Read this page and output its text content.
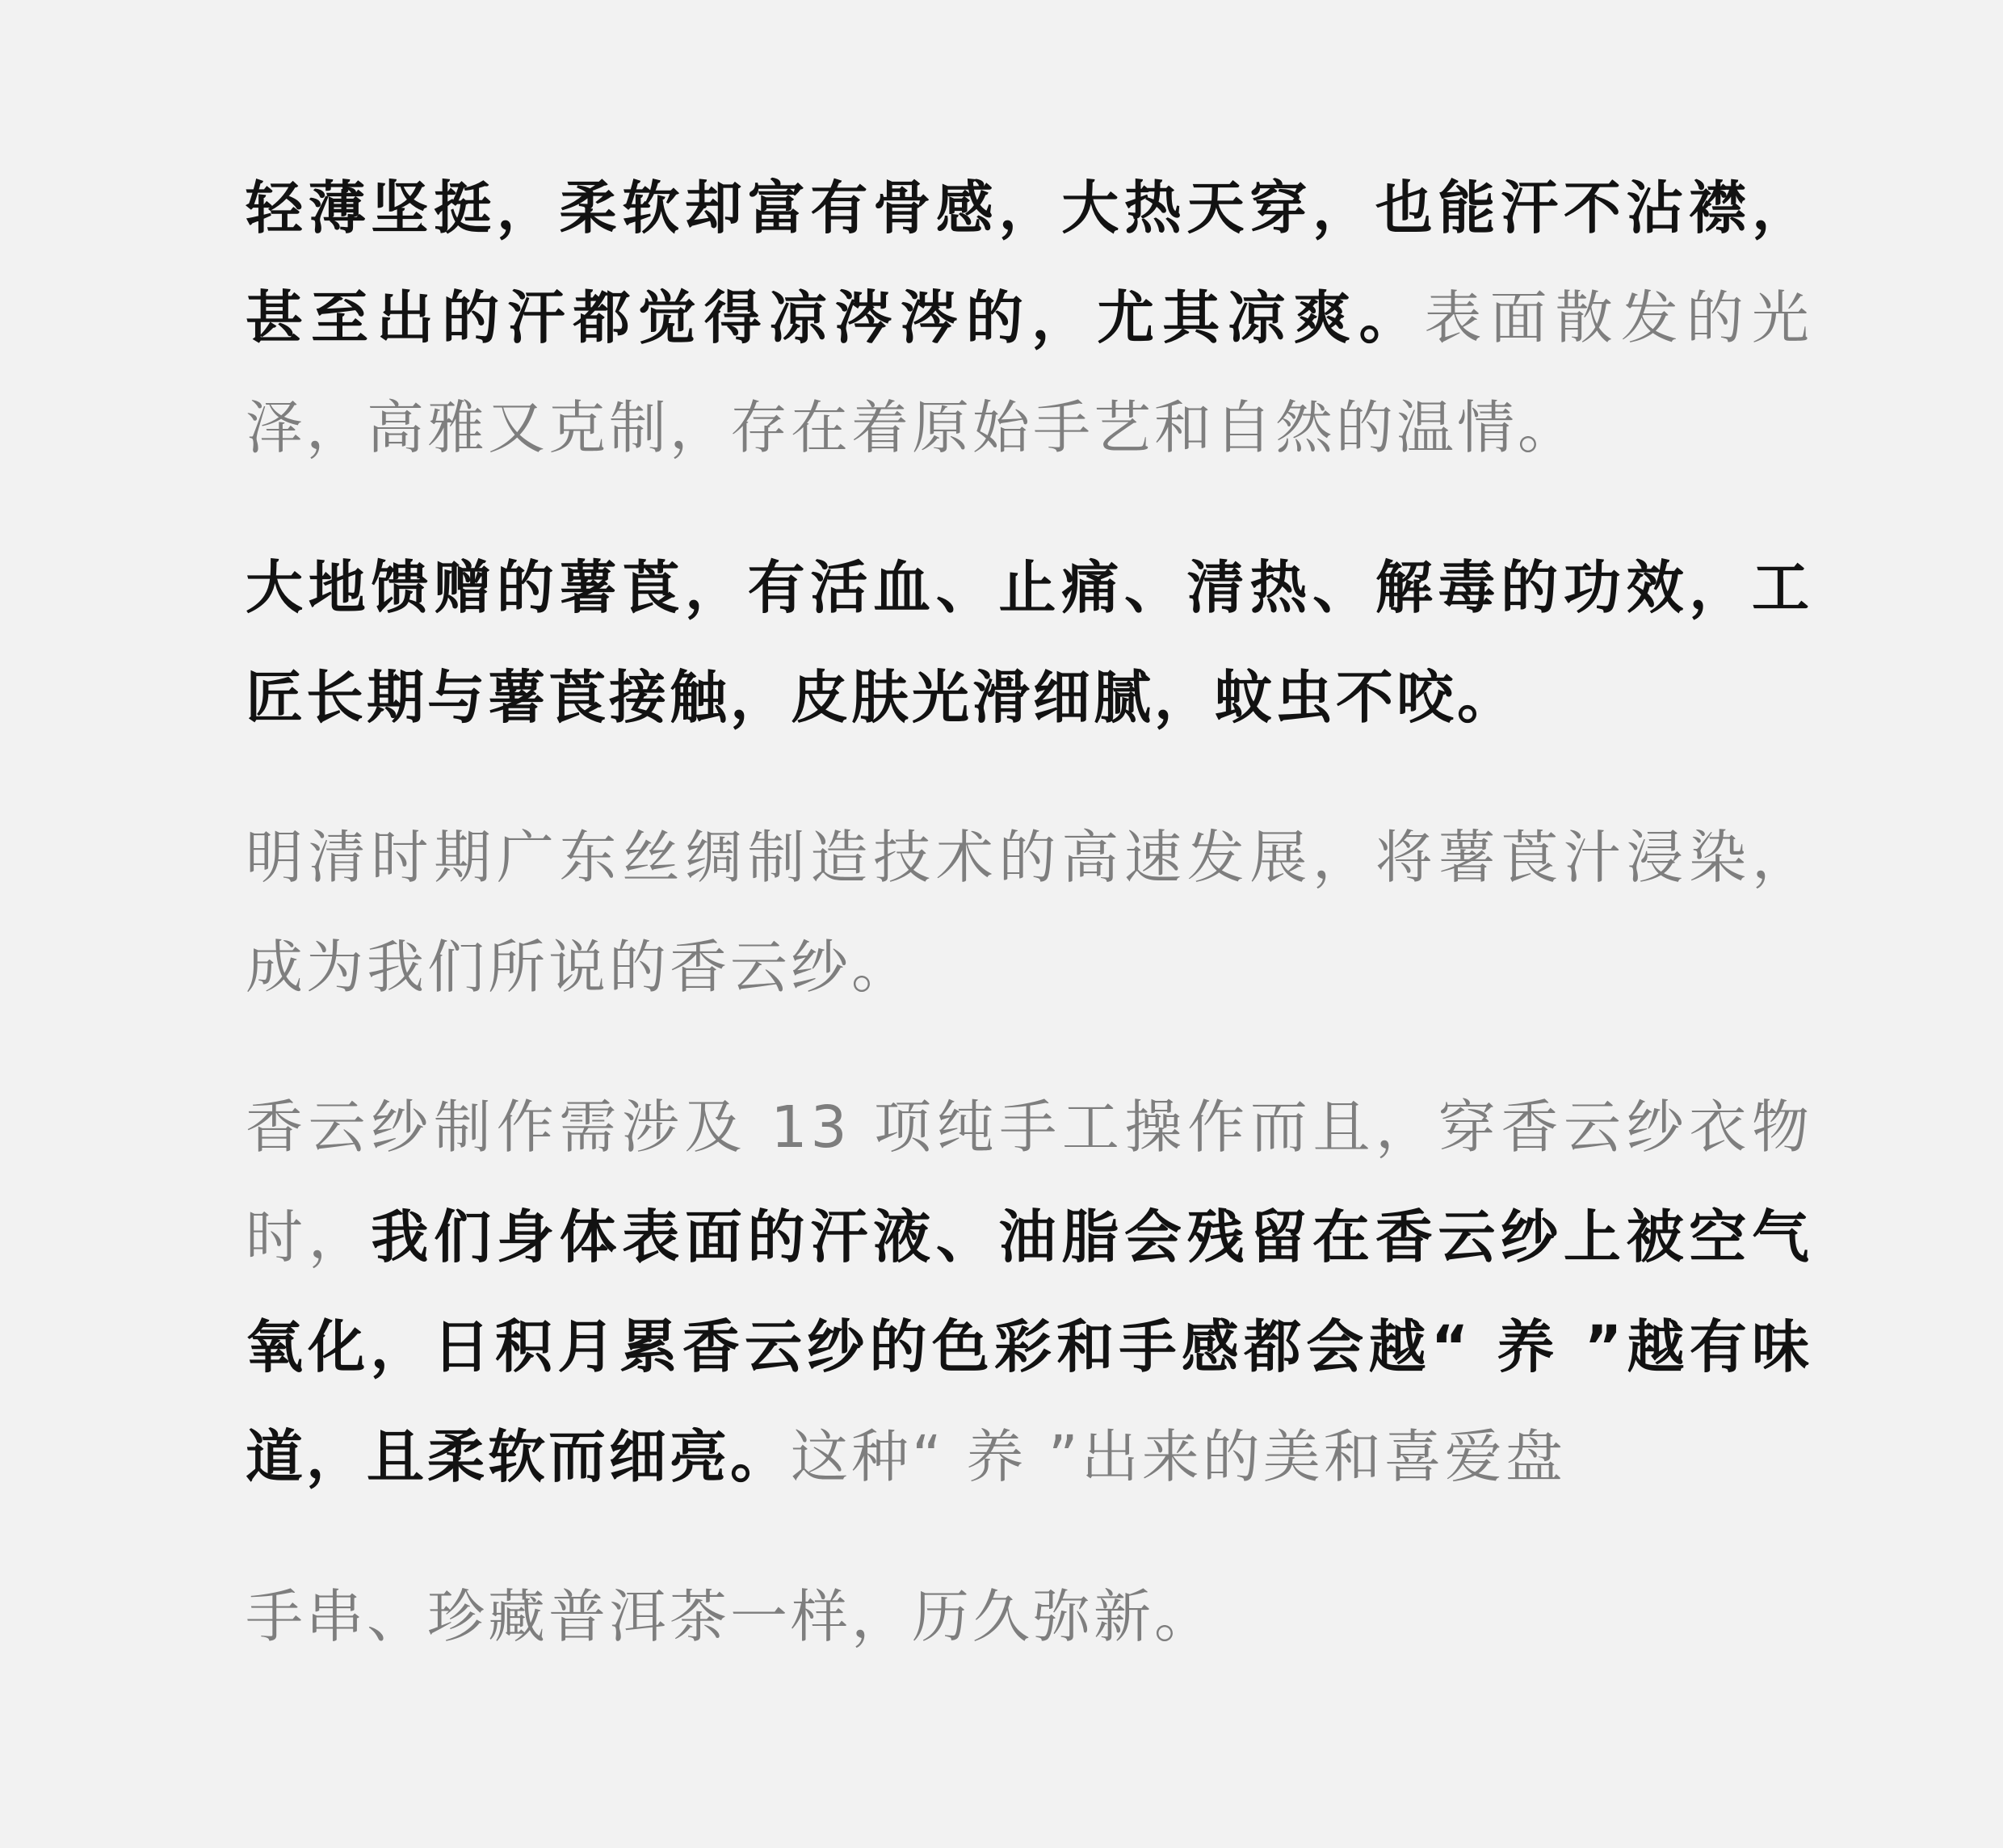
轻薄坚挺，柔软却富有骨感，大热天穿，也能汗不沾襟，甚至出的汗都觉得凉涔涔的，尤其凉爽。表面散发的光泽，高雅又克制，存在着原始手艺和自然的温情。

大地馈赠的薯莨，有活血、止痛、清热、解毒的功效，工匠长期与薯莨接触，皮肤光滑细腻，蚊虫不咬。

明清时期广东丝绸制造技术的高速发展，将薯莨汁浸染，成为我们所说的香云纱。

香云纱制作需涉及 13 项纯手工操作而且，穿香云纱衣物时，我们身体表面的汗液、油脂会残留在香云纱上被空气氧化，日积月累香云纱的色彩和手感都会越“ 养 ”越有味道，且柔软而细亮。这种“ 养 ”出来的美和喜爱盘

手串、珍藏普洱茶一样，历久弥新。
